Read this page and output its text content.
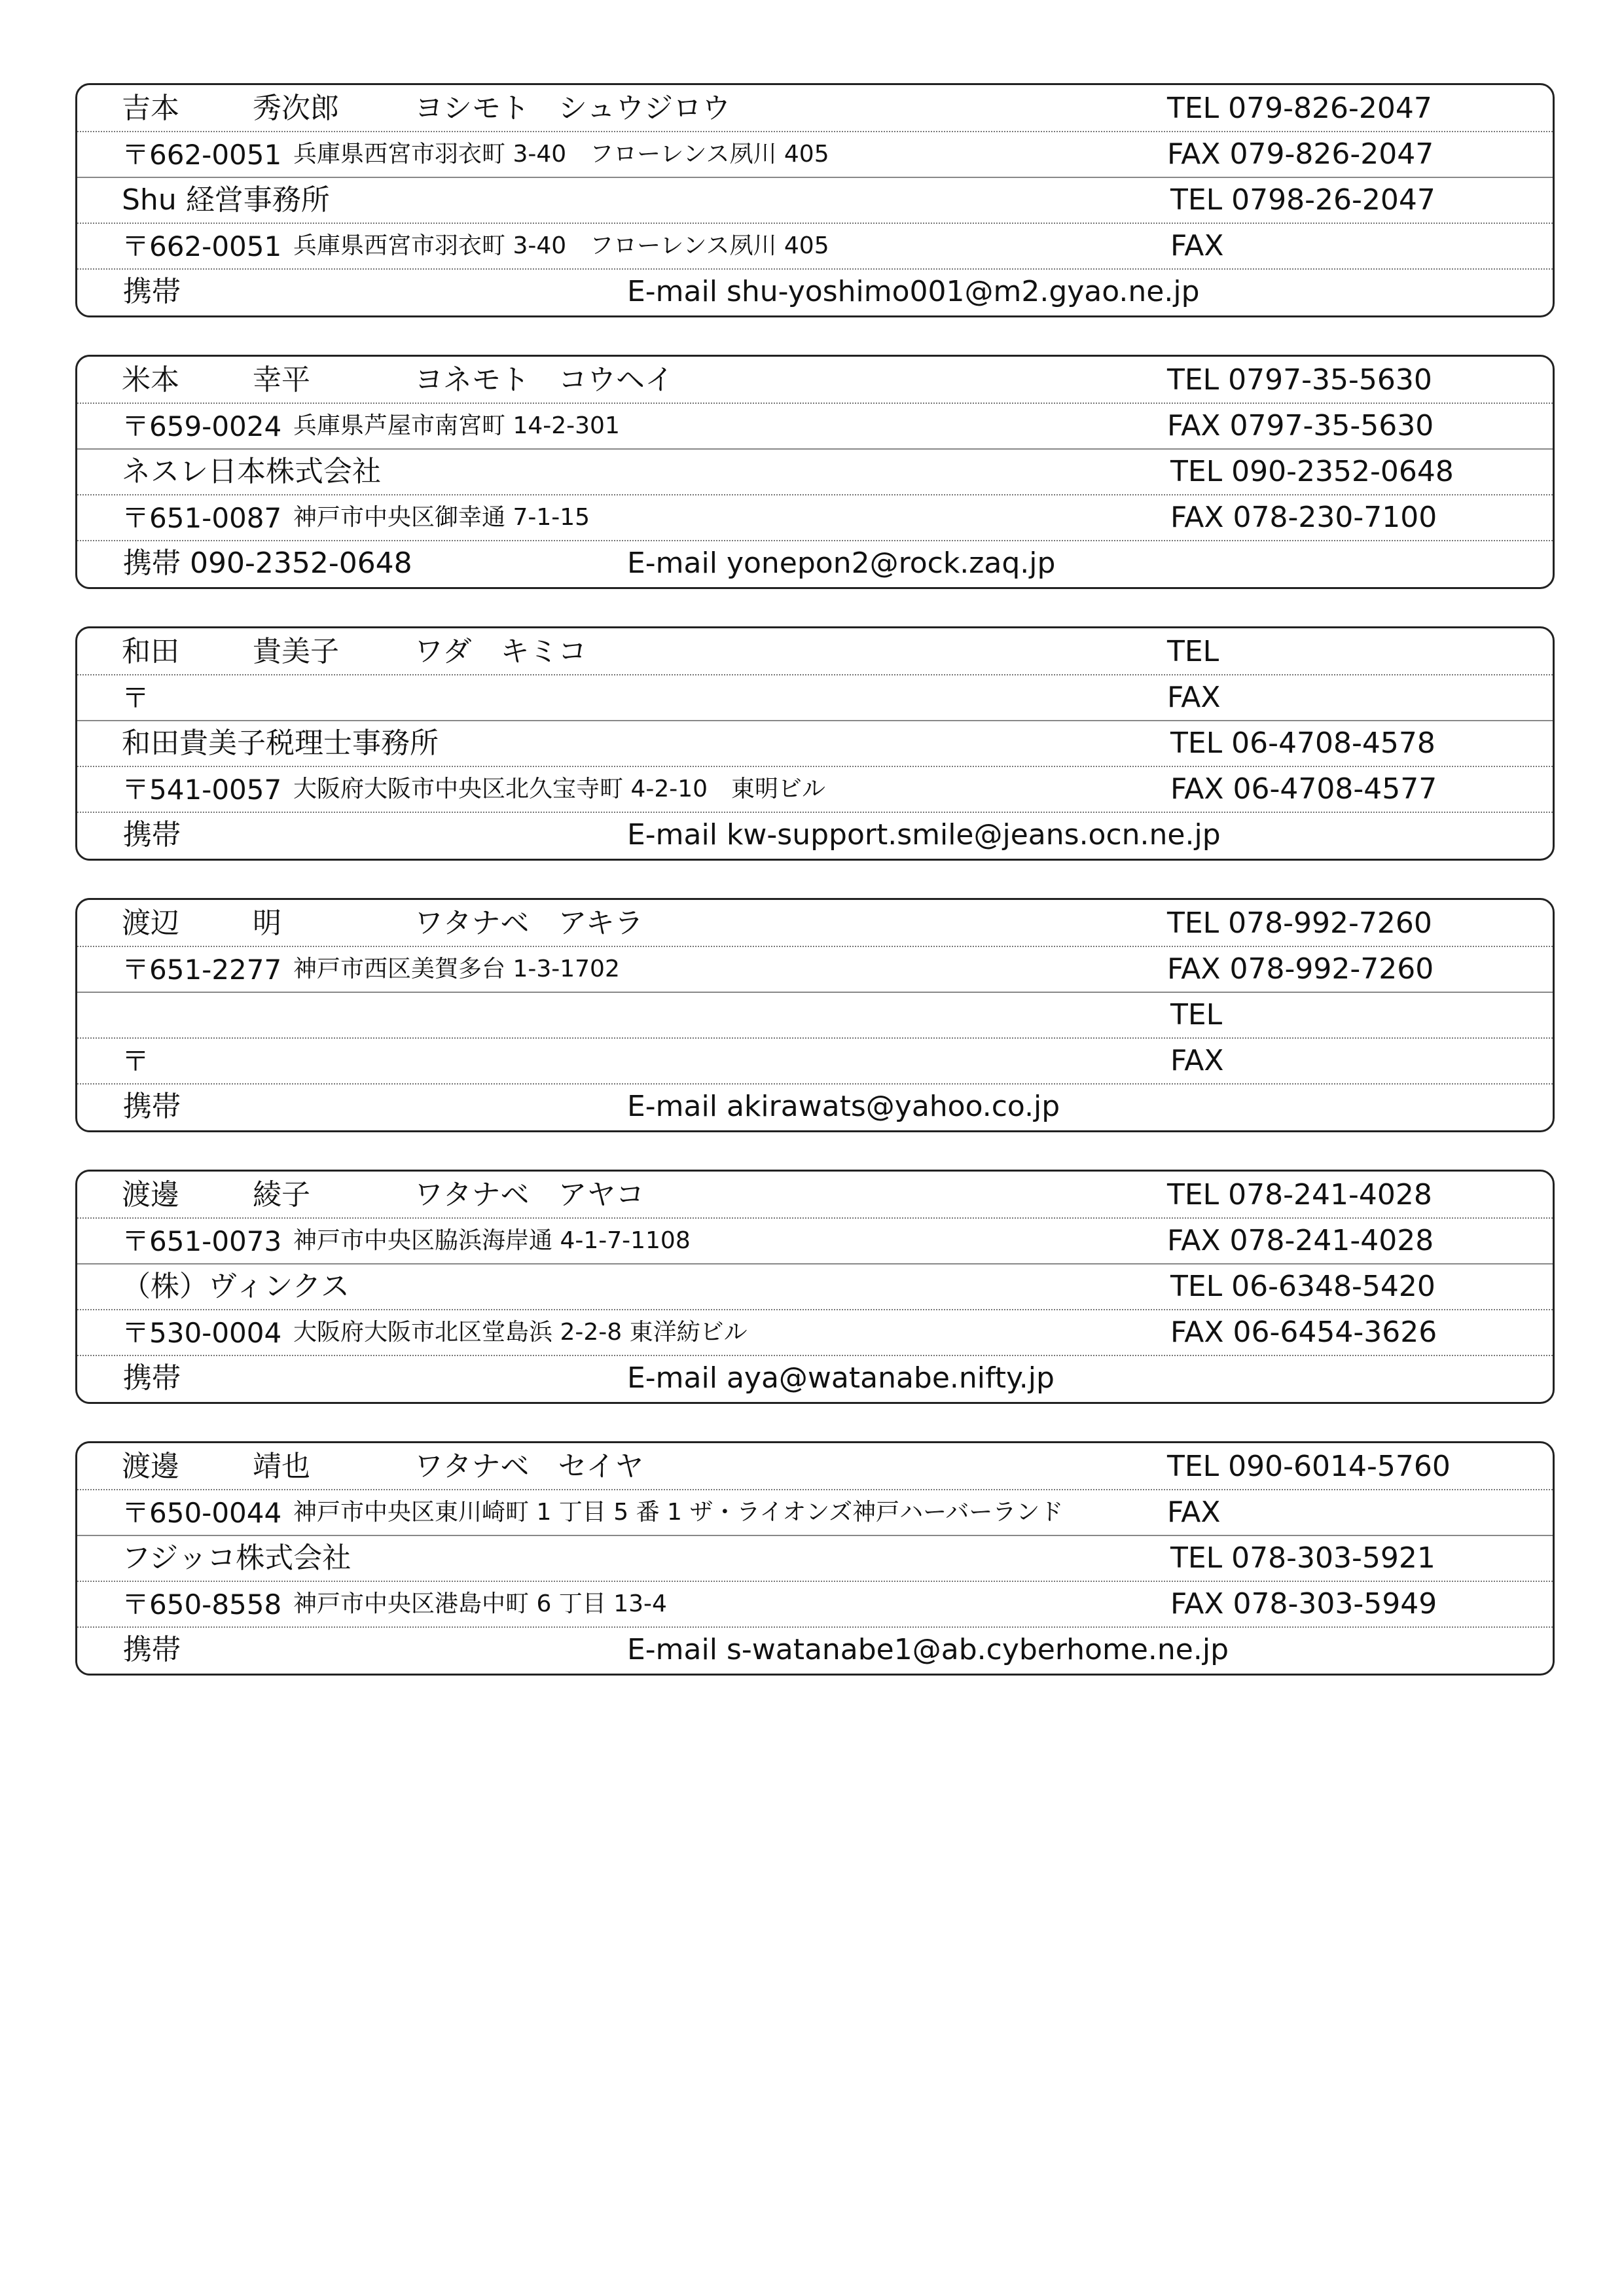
吉本	秀次郎	ヨシモト　シュウジロウ	TEL 079-826-2047
〒662-0051 兵庫県西宮市羽衣町 3-40　フローレンス夙川 405	FAX 079-826-2047
Shu 経営事務所	TEL 0798-26-2047
〒662-0051 兵庫県西宮市羽衣町 3-40　フローレンス夙川 405	FAX
携帯	E-mail shu-yoshimo001@m2.gyao.ne.jp
米本	幸平	ヨネモト　コウヘイ	TEL 0797-35-5630
〒659-0024 兵庫県芦屋市南宮町 14-2-301	FAX 0797-35-5630
ネスレ日本株式会社	TEL 090-2352-0648
〒651-0087 神戸市中央区御幸通 7-1-15	FAX 078-230-7100
携帯 090-2352-0648	E-mail yonepon2@rock.zaq.jp
和田	貴美子	ワダ　キミコ	TEL
〒	FAX
和田貴美子税理士事務所	TEL 06-4708-4578
〒541-0057 大阪府大阪市中央区北久宝寺町 4-2-10　東明ビル	FAX 06-4708-4577
携帯	E-mail kw-support.smile@jeans.ocn.ne.jp
渡辺	明	ワタナベ　アキラ	TEL 078-992-7260
〒651-2277 神戸市西区美賀多台 1-3-1702	FAX 078-992-7260
TEL
〒	FAX
携帯	E-mail akirawats@yahoo.co.jp
渡邊	綾子	ワタナベ　アヤコ	TEL 078-241-4028
〒651-0073 神戸市中央区脇浜海岸通 4-1-7-1108	FAX 078-241-4028
（株）ヴィンクス	TEL 06-6348-5420
〒530-0004 大阪府大阪市北区堂島浜 2-2-8 東洋紡ビル	FAX 06-6454-3626
携帯	E-mail aya@watanabe.nifty.jp
渡邊	靖也	ワタナベ　セイヤ	TEL 090-6014-5760
〒650-0044 神戸市中央区東川崎町 1 丁目 5 番 1 ザ・ライオンズ神戸ハーバーランド	FAX
フジッコ株式会社	TEL 078-303-5921
〒650-8558 神戸市中央区港島中町 6 丁目 13-4	FAX 078-303-5949
携帯	E-mail s-watanabe1@ab.cyberhome.ne.jp
